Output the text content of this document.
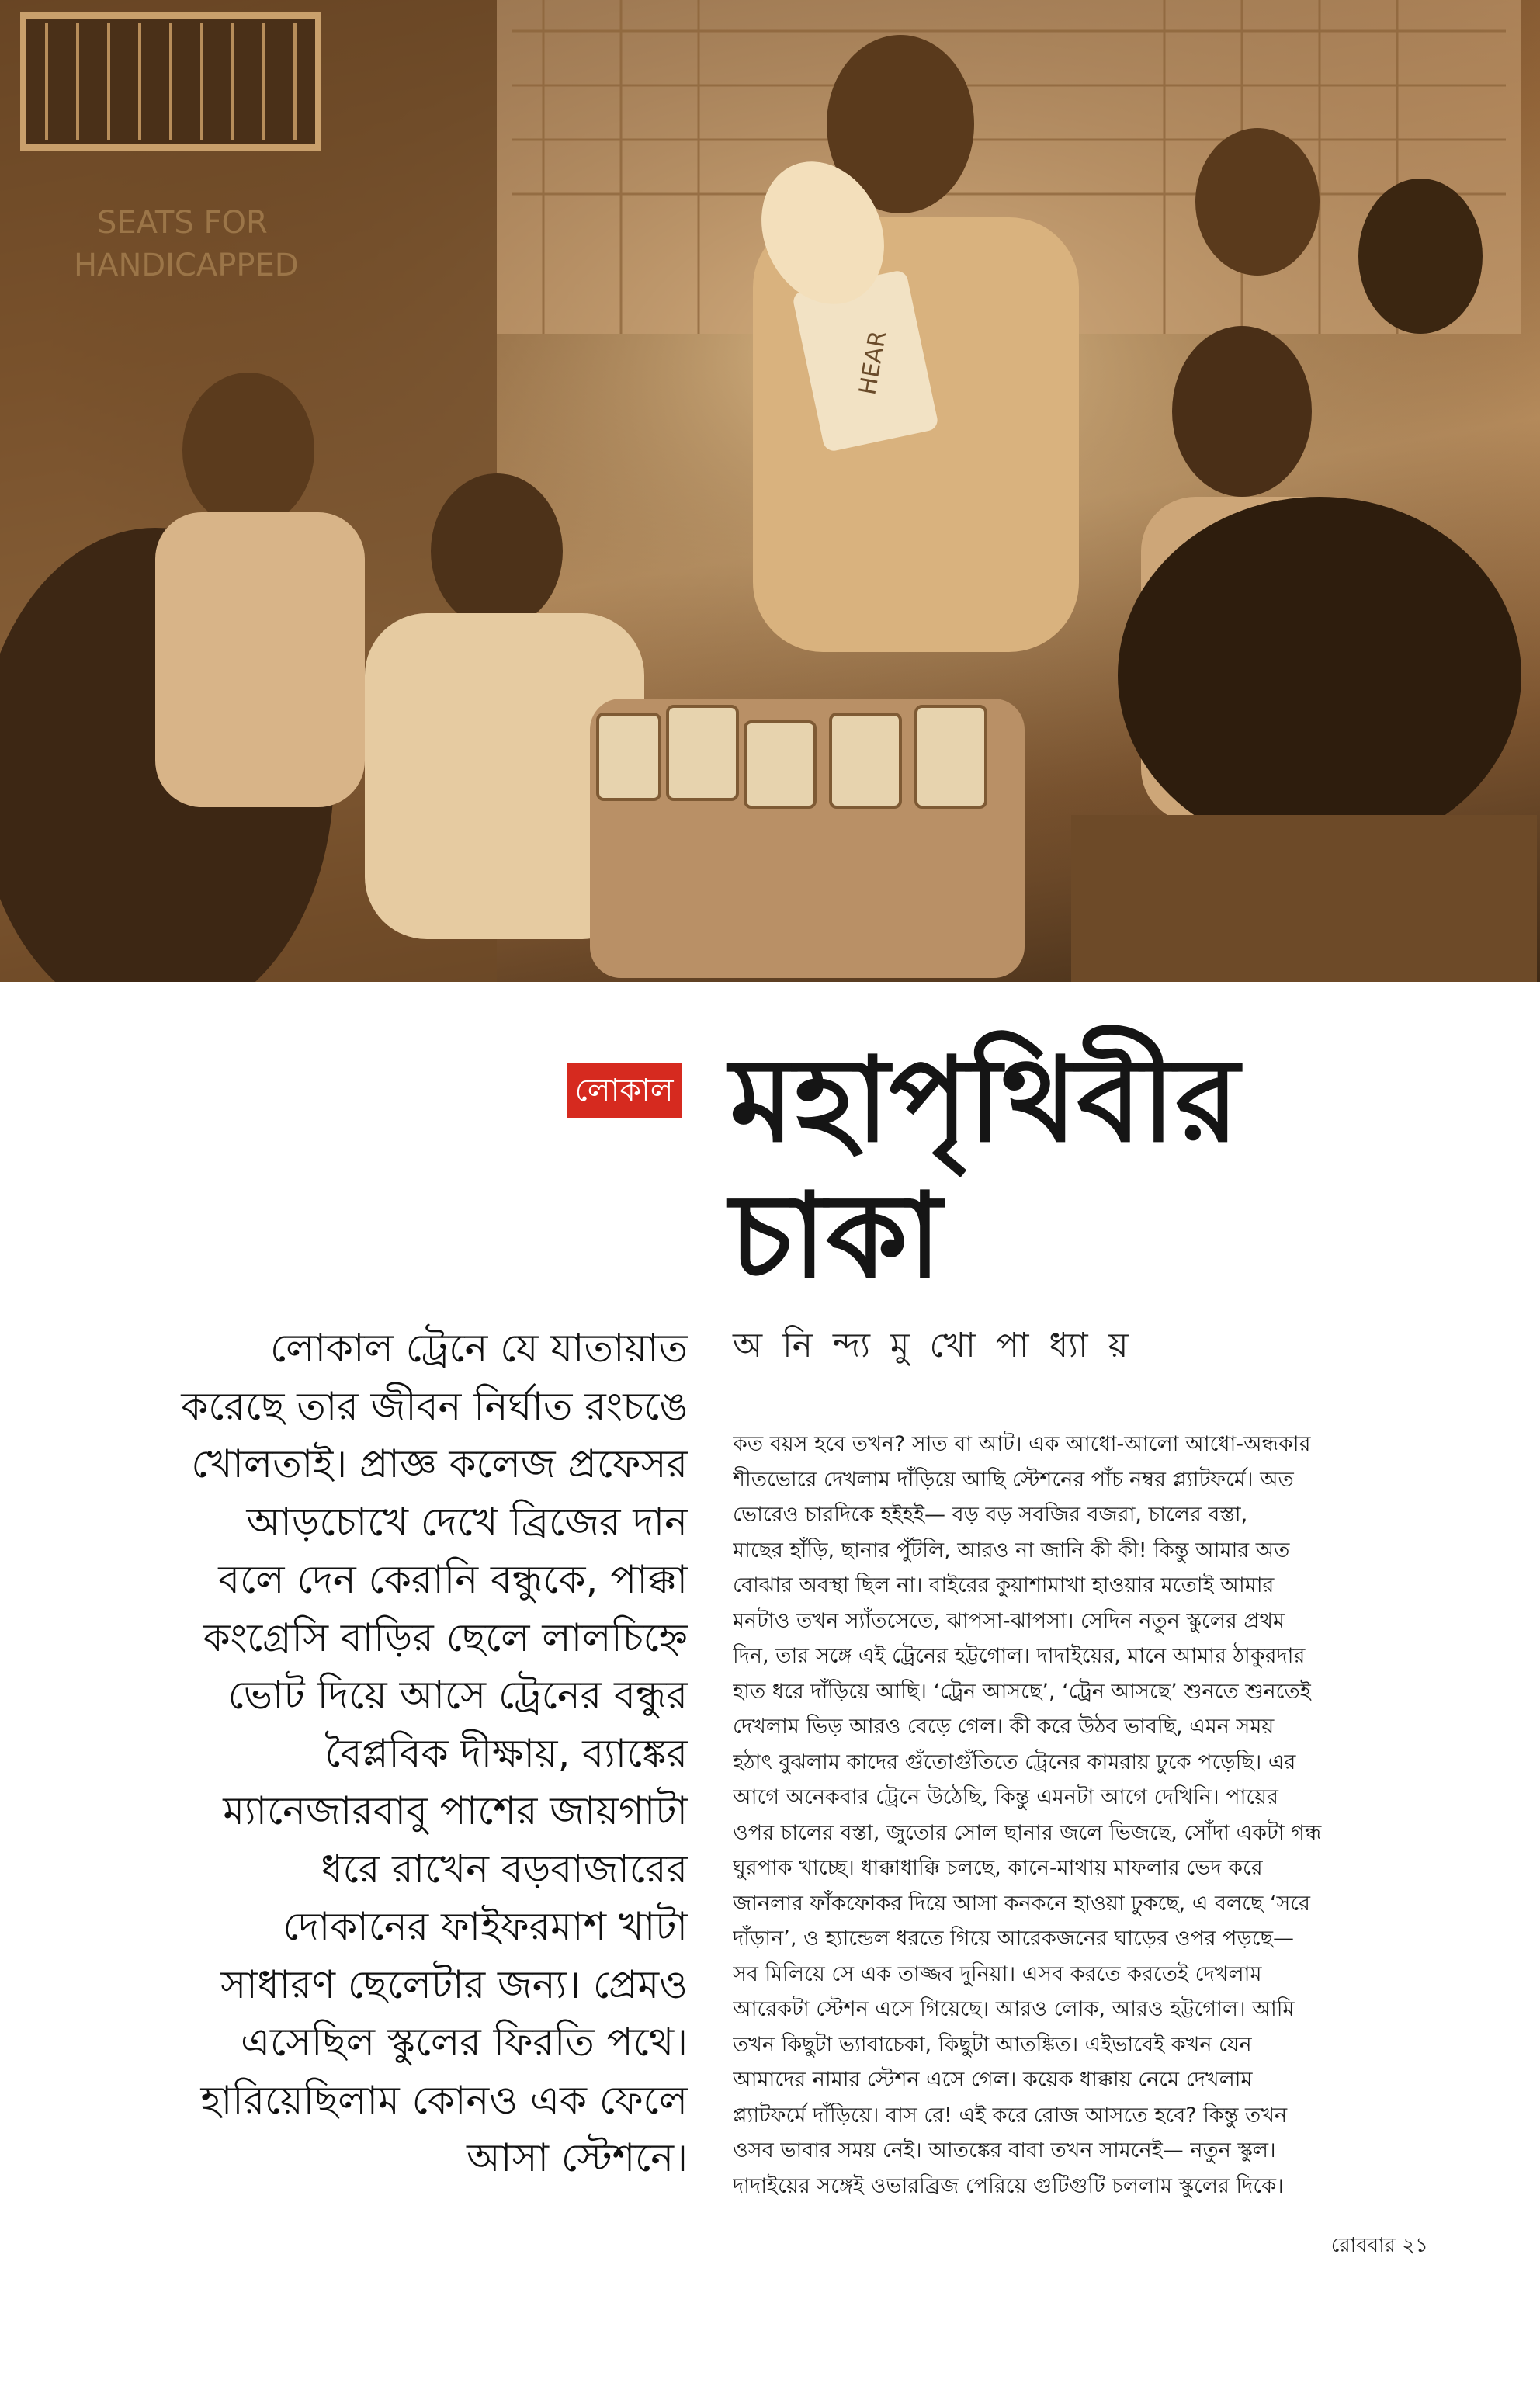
SEATS FOR HANDICAPPED
HEAR
লোকাল মহাপৃথিবীর
চাকা
অ নি ন্দ্য মু খো পা ধ্যা য়
লোকাল ট্রেনে যে যাতায়াত
করেছে তার জীবন নির্ঘাত রংচঙে
খোলতাই। প্রাজ্ঞ কলেজ প্রফেসর
আড়চোখে দেখে ব্রিজের দান
বলে দেন কেরানি বন্ধুকে, পাক্কা
কংগ্রেসি বাড়ির ছেলে লালচিহ্নে
ভোট দিয়ে আসে ট্রেনের বন্ধুর
বৈপ্লবিক দীক্ষায়, ব্যাঙ্কের
ম্যানেজারবাবু পাশের জায়গাটা
ধরে রাখেন বড়বাজারের
দোকানের ফাইফরমাশ খাটা
সাধারণ ছেলেটার জন্য। প্রেমও
এসেছিল স্কুলের ফিরতি পথে।
হারিয়েছিলাম কোনও এক ফেলে
আসা স্টেশনে।
কত বয়স হবে তখন? সাত বা আট। এক আধো-আলো আধো-অন্ধকার
শীতভোরে দেখলাম দাঁড়িয়ে আছি স্টেশনের পাঁচ নম্বর প্ল্যাটফর্মে। অত
ভোরেও চারদিকে হইহই— বড় বড় সবজির বজরা, চালের বস্তা,
মাছের হাঁড়ি, ছানার পুঁটলি, আরও না জানি কী কী! কিন্তু আমার অত
বোঝার অবস্থা ছিল না। বাইরের কুয়াশামাখা হাওয়ার মতোই আমার
মনটাও তখন স্যাঁতসেতে, ঝাপসা-ঝাপসা। সেদিন নতুন স্কুলের প্রথম
দিন, তার সঙ্গে এই ট্রেনের হট্টগোল। দাদাইয়ের, মানে আমার ঠাকুরদার
হাত ধরে দাঁড়িয়ে আছি। ‘ট্রেন আসছে’, ‘ট্রেন আসছে’ শুনতে শুনতেই
দেখলাম ভিড় আরও বেড়ে গেল। কী করে উঠব ভাবছি, এমন সময়
হঠাৎ বুঝলাম কাদের গুঁতোগুঁতিতে ট্রেনের কামরায় ঢুকে পড়েছি। এর
আগে অনেকবার ট্রেনে উঠেছি, কিন্তু এমনটা আগে দেখিনি। পায়ের
ওপর চালের বস্তা, জুতোর সোল ছানার জলে ভিজছে, সোঁদা একটা গন্ধ
ঘুরপাক খাচ্ছে। ধাক্কাধাক্কি চলছে, কানে-মাথায় মাফলার ভেদ করে
জানলার ফাঁকফোকর দিয়ে আসা কনকনে হাওয়া ঢুকছে, এ বলছে ‘সরে
দাঁড়ান’, ও হ্যান্ডেল ধরতে গিয়ে আরেকজনের ঘাড়ের ওপর পড়ছে—
সব মিলিয়ে সে এক তাজ্জব দুনিয়া। এসব করতে করতেই দেখলাম
আরেকটা স্টেশন এসে গিয়েছে। আরও লোক, আরও হট্টগোল। আমি
তখন কিছুটা ভ্যাবাচেকা, কিছুটা আতঙ্কিত। এইভাবেই কখন যেন
আমাদের নামার স্টেশন এসে গেল। কয়েক ধাক্কায় নেমে দেখলাম
প্ল্যাটফর্মে দাঁড়িয়ে। বাস রে! এই করে রোজ আসতে হবে? কিন্তু তখন
ওসব ভাবার সময় নেই। আতঙ্কের বাবা তখন সামনেই— নতুন স্কুল।
দাদাইয়ের সঙ্গেই ওভারব্রিজ পেরিয়ে গুটিগুটি চললাম স্কুলের দিকে।
রোববার ২১
